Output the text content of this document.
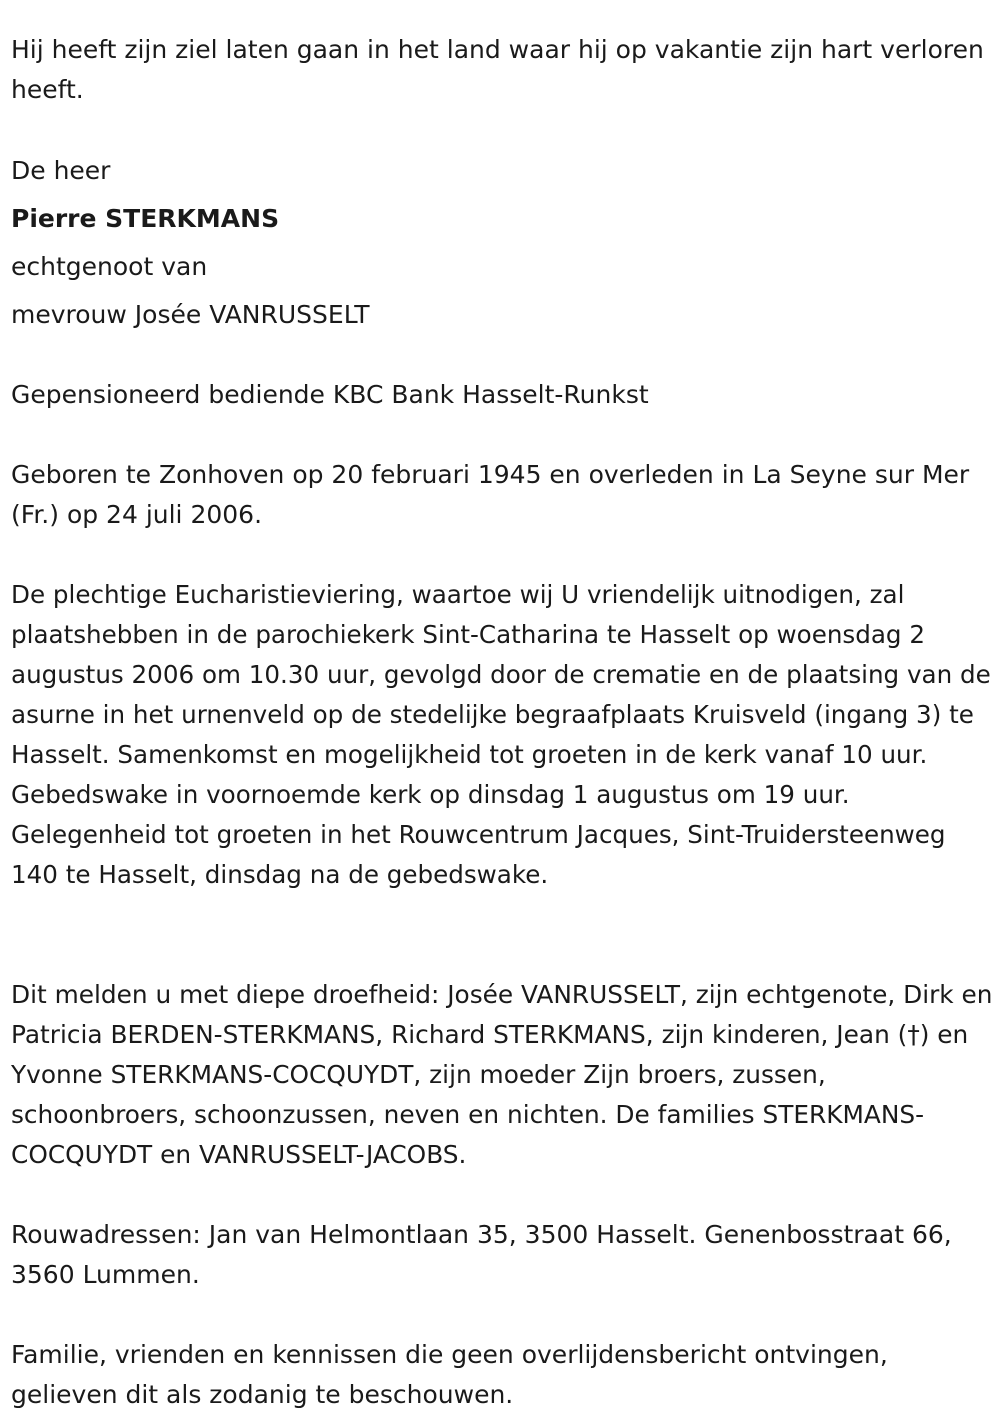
Hij heeft zijn ziel laten gaan in het land waar hij op vakantie zijn hart verloren heeft.

De heer

Pierre STERKMANS

echtgenoot van

mevrouw Josée VANRUSSELT

Gepensioneerd bediende KBC Bank Hasselt-Runkst

Geboren te Zonhoven op 20 februari 1945 en overleden in La Seyne sur Mer (Fr.) op 24 juli 2006.

De plechtige Eucharistieviering, waartoe wij U vriendelijk uitnodigen, zal plaatshebben in de parochiekerk Sint-Catharina te Hasselt op woensdag 2 augustus 2006 om 10.30 uur, gevolgd door de crematie en de plaatsing van de asurne in het urnenveld op de stedelijke begraafplaats Kruisveld (ingang 3) te Hasselt. Samenkomst en mogelijkheid tot groeten in de kerk vanaf 10 uur. Gebedswake in voornoemde kerk op dinsdag 1 augustus om 19 uur. Gelegenheid tot groeten in het Rouwcentrum Jacques, Sint-Truidersteenweg 140 te Hasselt, dinsdag na de gebedswake.

Dit melden u met diepe droefheid: Josée VANRUSSELT, zijn echtgenote, Dirk en Patricia BERDEN-STERKMANS, Richard STERKMANS, zijn kinderen, Jean (†) en Yvonne STERKMANS-COCQUYDT, zijn moeder Zijn broers, zussen, schoonbroers, schoonzussen, neven en nichten. De families STERKMANS-COCQUYDT en VANRUSSELT-JACOBS.

Rouwadressen: Jan van Helmontlaan 35, 3500 Hasselt. Genenbosstraat 66, 3560 Lummen.

Familie, vrienden en kennissen die geen overlijdensbericht ontvingen, gelieven dit als zodanig te beschouwen.
